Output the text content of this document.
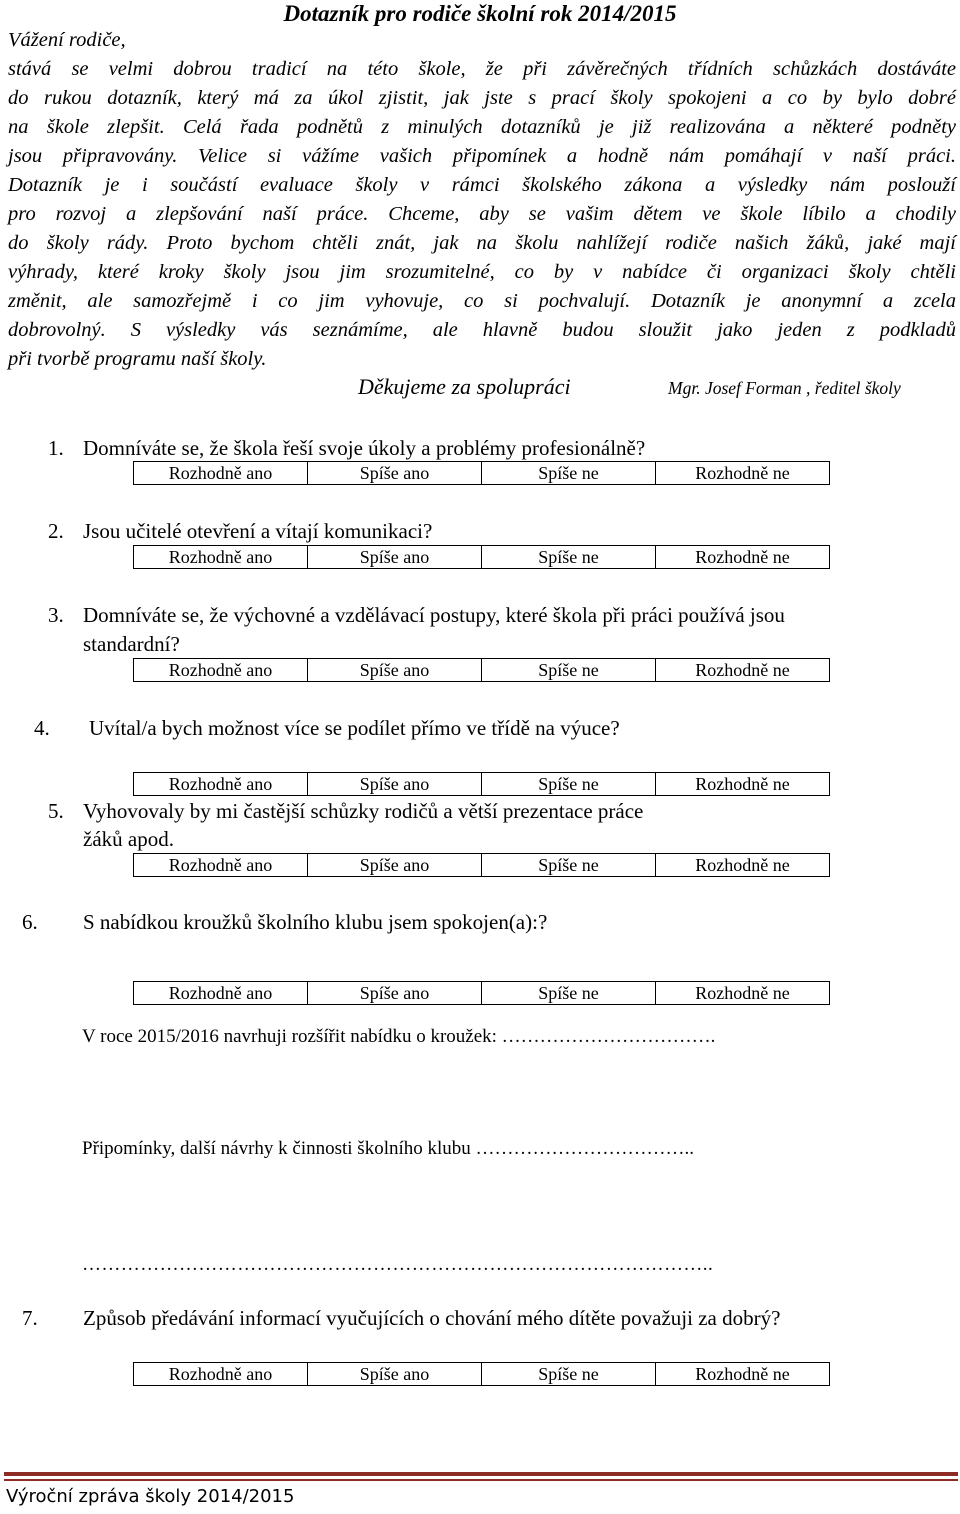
Dotazník pro rodiče školní rok 2014/2015

Vážení rodiče,

stává se velmi dobrou tradicí na této škole, že při závěrečných třídních schůzkách dostáváte

do rukou dotazník, který má za úkol zjistit, jak jste s prací školy spokojeni a co by bylo dobré

na škole zlepšit. Celá řada podnětů z minulých dotazníků je již realizována a některé podněty

jsou připravovány. Velice si vážíme vašich připomínek a hodně nám pomáhají v naší práci.

Dotazník je i součástí evaluace školy v rámci školského zákona a výsledky nám poslouží

pro rozvoj a zlepšování naší práce. Chceme, aby se vašim dětem ve škole líbilo a chodily

do školy rády. Proto bychom chtěli znát, jak na školu nahlížejí rodiče našich žáků, jaké mají

výhrady, které kroky školy jsou jim srozumitelné, co by v nabídce či organizaci školy chtěli

změnit, ale samozřejmě i co jim vyhovuje, co si pochvalují. Dotazník je anonymní a zcela

dobrovolný. S výsledky vás seznámíme, ale hlavně budou sloužit jako jeden z podkladů

při tvorbě programu naší školy.

Děkujeme za spolupráci	Mgr. Josef Forman , ředitel školy
1. Domníváte se, že škola řeší svoje úkoly a problémy profesionálně?
Rozhodně ano	Spíše ano	Spíše ne	Rozhodně ne
2. Jsou učitelé otevření a vítají komunikaci?
Rozhodně ano	Spíše ano	Spíše ne	Rozhodně ne
3. Domníváte se, že výchovné a vzdělávací postupy, které škola při práci používá jsou
standardní?
Rozhodně ano	Spíše ano	Spíše ne	Rozhodně ne
4. Uvítal/a bych možnost více se podílet přímo ve třídě na výuce?
Rozhodně ano	Spíše ano	Spíše ne	Rozhodně ne
5. Vyhovovaly by mi častější schůzky rodičů a větší prezentace práce
žáků apod.
Rozhodně ano	Spíše ano	Spíše ne	Rozhodně ne
6. S nabídkou kroužků školního klubu jsem spokojen(a):?
Rozhodně ano	Spíše ano	Spíše ne	Rozhodně ne
V roce 2015/2016 navrhuji rozšířit nabídku o kroužek: …………………………….
Připomínky, další návrhy k činnosti školního klubu ……………………………..
……………………………………………………………………………………..
7. Způsob předávání informací vyučujících o chování mého dítěte považuji za dobrý?
Rozhodně ano	Spíše ano	Spíše ne	Rozhodně ne
Výroční zpráva školy 2014/2015
